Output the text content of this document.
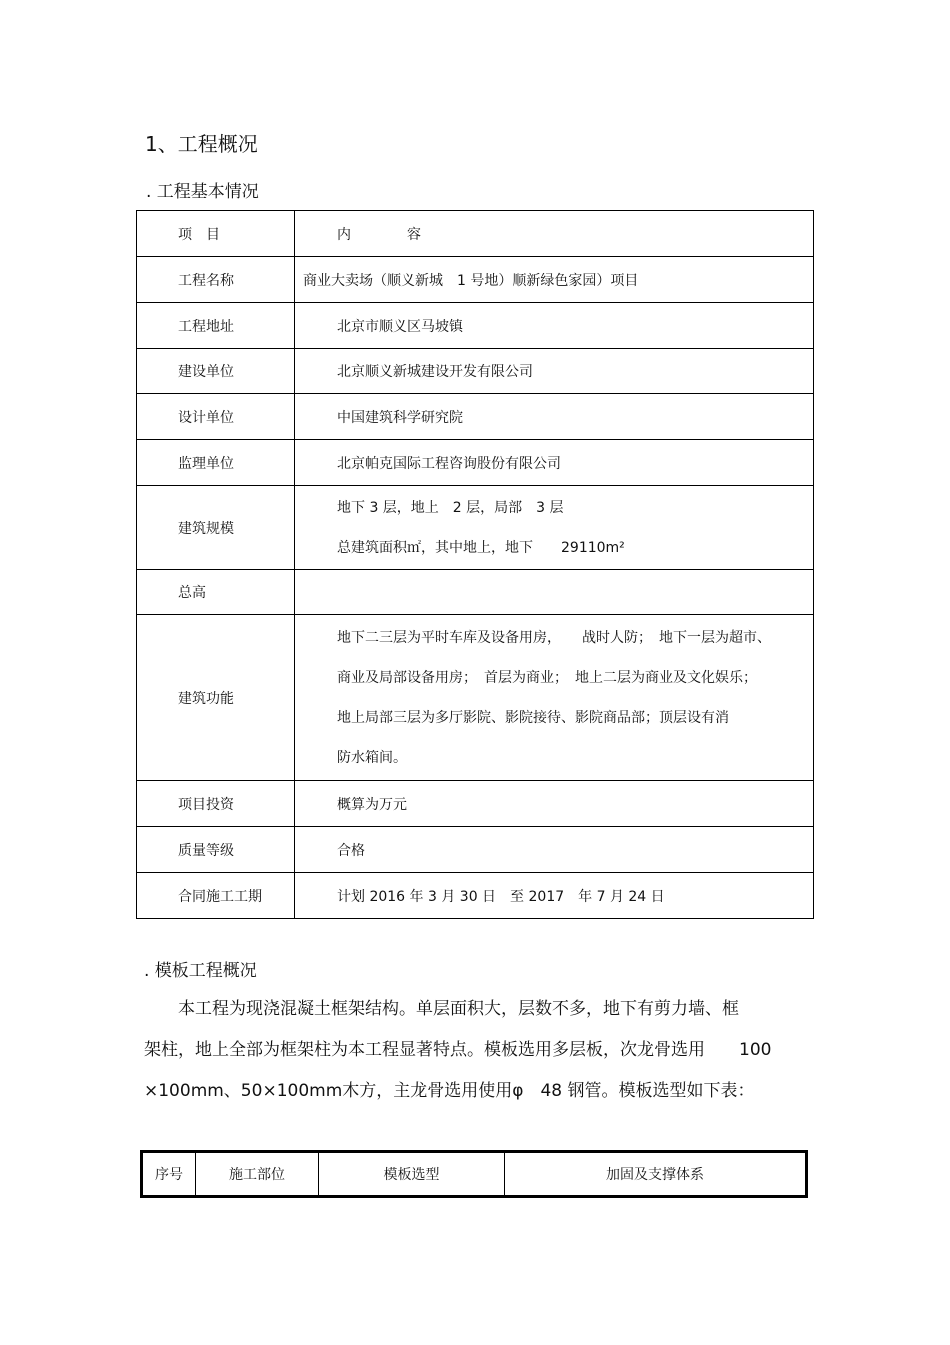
1、工程概况
. 工程基本情况
项　目	内　　　　容
工程名称	商业大卖场（顺义新城　1 号地）顺新绿色家园）项目
工程地址	北京市顺义区马坡镇
建设单位	北京顺义新城建设开发有限公司
设计单位	中国建筑科学研究院
监理单位	北京帕克国际工程咨询股份有限公司
建筑规模	地下 3 层，地上　2 层，局部　3 层
总建筑面积㎡，其中地上，地下　　29110m²

总高	
建筑功能	地下二三层为平时车库及设备用房，　　战时人防；　地下一层为超市、
商业及局部设备用房；　首层为商业；　地上二层为商业及文化娱乐；
地上局部三层为多厅影院、影院接待、影院商品部；顶层设有消
防水箱间。

项目投资	概算为万元
质量等级	合格
合同施工工期	计划 2016 年 3 月 30 日　至 2017　年 7 月 24 日
. 模板工程概况
　　本工程为现浇混凝土框架结构。单层面积大，层数不多，地下有剪力墙、框
架柱，地上全部为框架柱为本工程显著特点。模板选用多层板，次龙骨选用　　100
×100mm、50×100mm木方，主龙骨选用使用φ　48 钢管。模板选型如下表：
序号	施工部位	模板选型	加固及支撑体系
